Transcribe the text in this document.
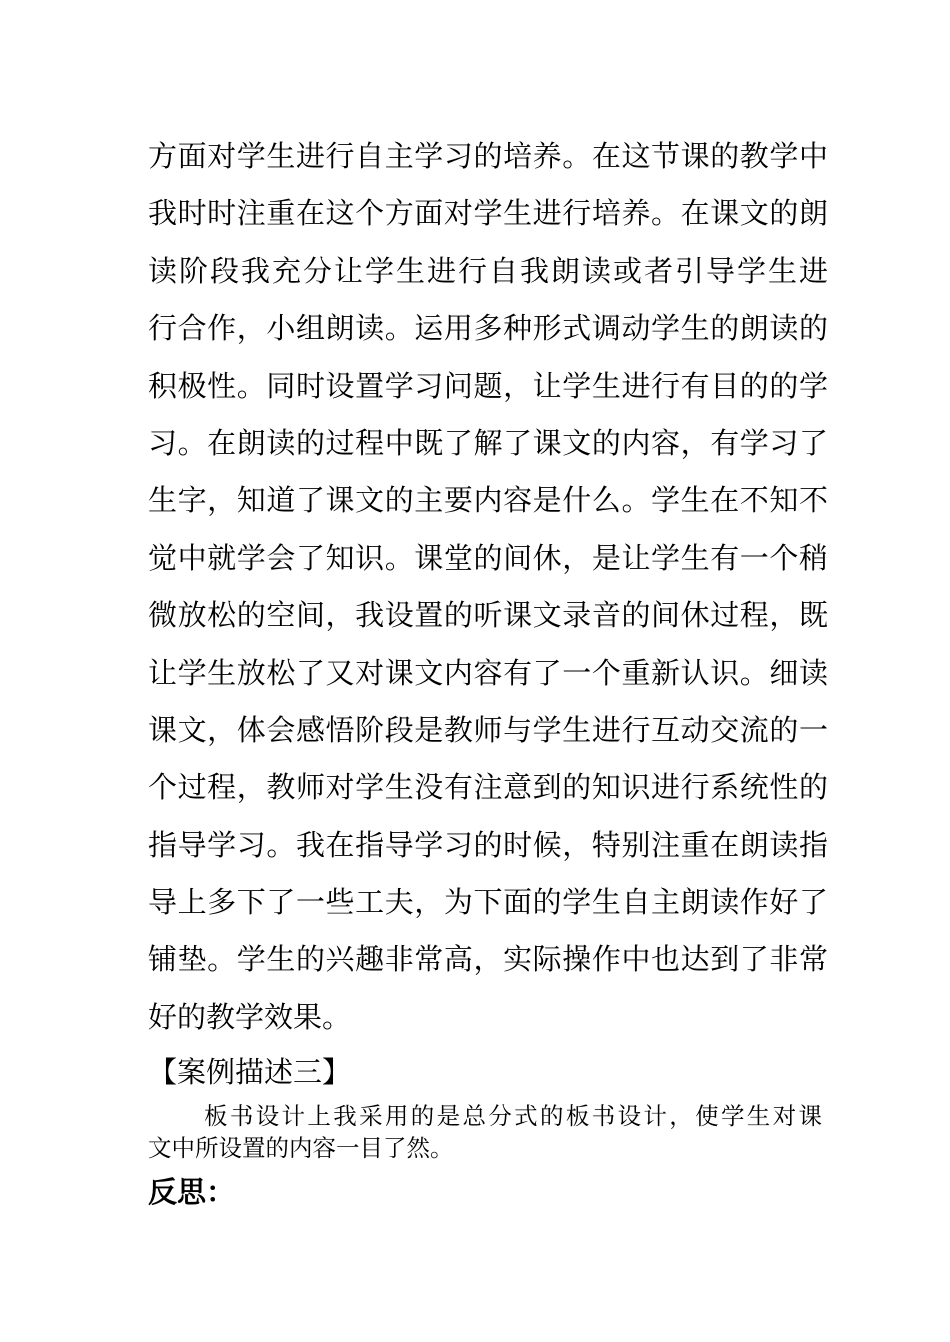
方面对学生进行自主学习的培养。在这节课的教学中
我时时注重在这个方面对学生进行培养。在课文的朗
读阶段我充分让学生进行自我朗读或者引导学生进
行合作，小组朗读。运用多种形式调动学生的朗读的
积极性。同时设置学习问题，让学生进行有目的的学
习。在朗读的过程中既了解了课文的内容，有学习了
生字，知道了课文的主要内容是什么。学生在不知不
觉中就学会了知识。课堂的间休，是让学生有一个稍
微放松的空间，我设置的听课文录音的间休过程，既
让学生放松了又对课文内容有了一个重新认识。细读
课文，体会感悟阶段是教师与学生进行互动交流的一
个过程，教师对学生没有注意到的知识进行系统性的
指导学习。我在指导学习的时候，特别注重在朗读指
导上多下了一些工夫，为下面的学生自主朗读作好了
铺垫。学生的兴趣非常高，实际操作中也达到了非常
好的教学效果。
【案例描述三】
板书设计上我采用的是总分式的板书设计，使学生对课
文中所设置的内容一目了然。
反思：
